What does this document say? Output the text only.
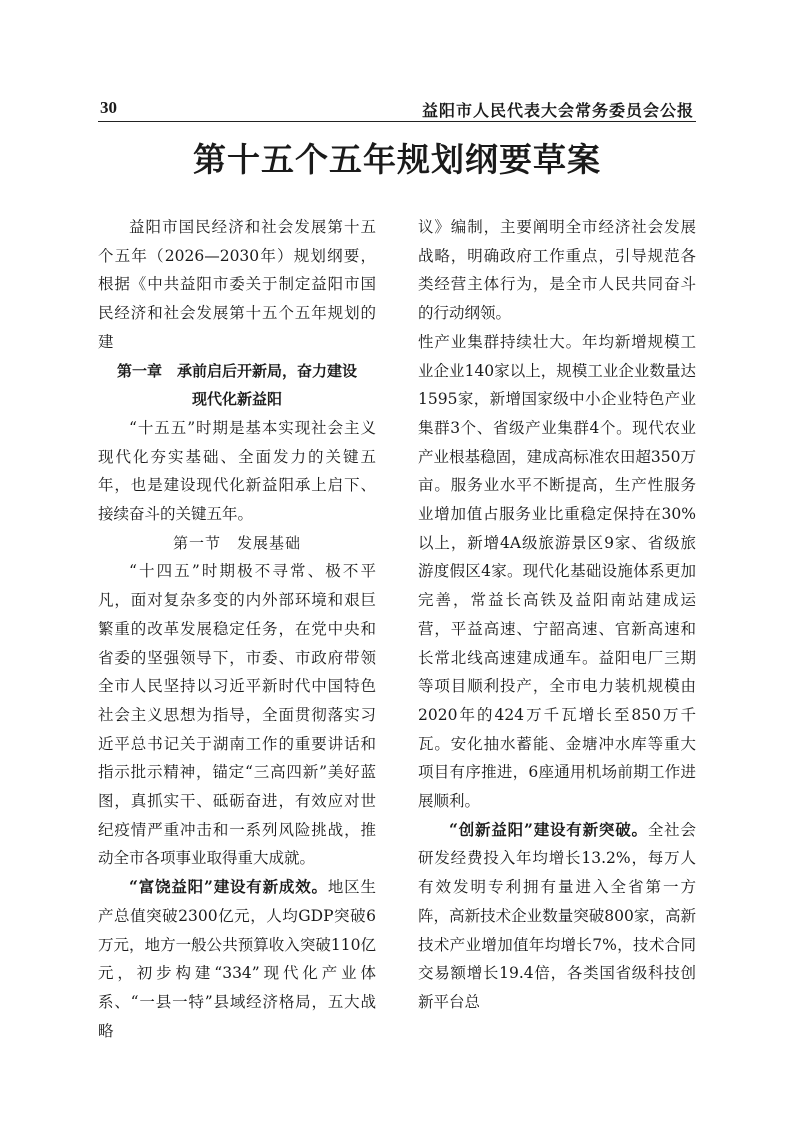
30	益阳市人民代表大会常务委员会公报
第十五个五年规划纲要草案

益阳市国民经济和社会发展第十五个五年（2026—2030年）规划纲要，根据《中共益阳市委关于制定益阳市国民经济和社会发展第十五个五年规划的建

第一章　承前启后开新局，奋力建设
现代化新益阳

“十五五”时期是基本实现社会主义现代化夯实基础、全面发力的关键五年，也是建设现代化新益阳承上启下、接续奋斗的关键五年。

第一节　发展基础

“十四五”时期极不寻常、极不平凡，面对复杂多变的内外部环境和艰巨繁重的改革发展稳定任务，在党中央和省委的坚强领导下，市委、市政府带领全市人民坚持以习近平新时代中国特色社会主义思想为指导，全面贯彻落实习近平总书记关于湖南工作的重要讲话和指示批示精神，锚定“三高四新”美好蓝图，真抓实干、砥砺奋进，有效应对世纪疫情严重冲击和一系列风险挑战，推动全市各项事业取得重大成就。

“富饶益阳”建设有新成效。地区生产总值突破2300亿元，人均GDP突破6万元，地方一般公共预算收入突破110亿元，初步构建“334”现代化产业体系、“一县一特”县域经济格局，五大战略

议》编制，主要阐明全市经济社会发展战略，明确政府工作重点，引导规范各类经营主体行为，是全市人民共同奋斗的行动纲领。

性产业集群持续壮大。年均新增规模工业企业140家以上，规模工业企业数量达1595家，新增国家级中小企业特色产业集群3个、省级产业集群4个。现代农业产业根基稳固，建成高标准农田超350万亩。服务业水平不断提高，生产性服务业增加值占服务业比重稳定保持在30%以上，新增4A级旅游景区9家、省级旅游度假区4家。现代化基础设施体系更加完善，常益长高铁及益阳南站建成运营，平益高速、宁韶高速、官新高速和长常北线高速建成通车。益阳电厂三期等项目顺利投产，全市电力装机规模由2020年的424万千瓦增长至850万千瓦。安化抽水蓄能、金塘冲水库等重大项目有序推进，6座通用机场前期工作进展顺利。

“创新益阳”建设有新突破。全社会研发经费投入年均增长13.2%，每万人有效发明专利拥有量进入全省第一方阵，高新技术企业数量突破800家，高新技术产业增加值年均增长7%，技术合同交易额增长19.4倍，各类国省级科技创新平台总
